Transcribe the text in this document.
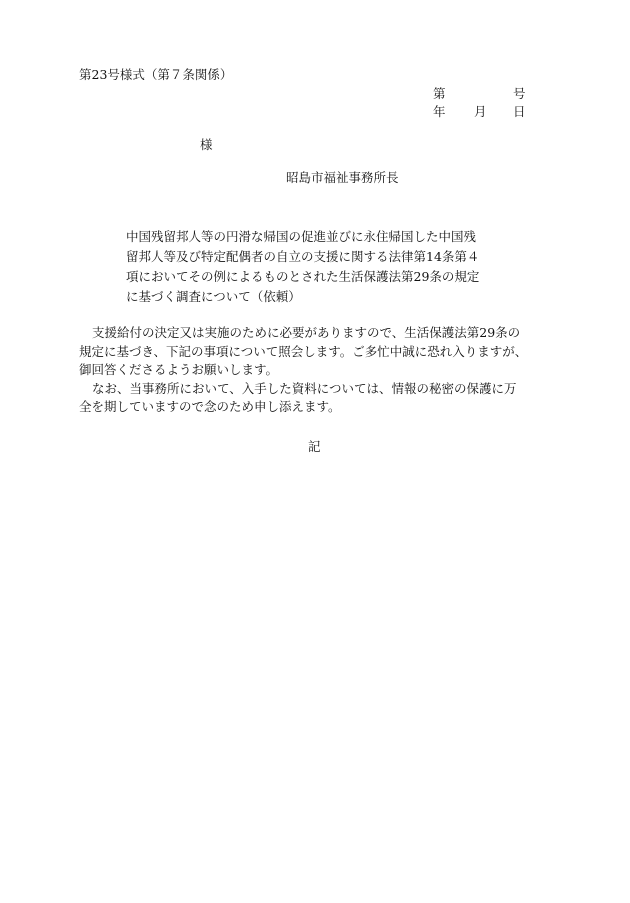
第23号様式（第７条関係）
第	号
年 月 日
様
昭島市福祉事務所長
中国残留邦人等の円滑な帰国の促進並びに永住帰国した中国残
留邦人等及び特定配偶者の自立の支援に関する法律第14条第４
項においてその例によるものとされた生活保護法第29条の規定
に基づく調査について（依頼）
支援給付の決定又は実施のために必要がありますので、生活保護法第29条の
規定に基づき、下記の事項について照会します。ご多忙中誠に恐れ入りますが、
御回答くださるようお願いします。
なお、当事務所において、入手した資料については、情報の秘密の保護に万
全を期していますので念のため申し添えます。
記
